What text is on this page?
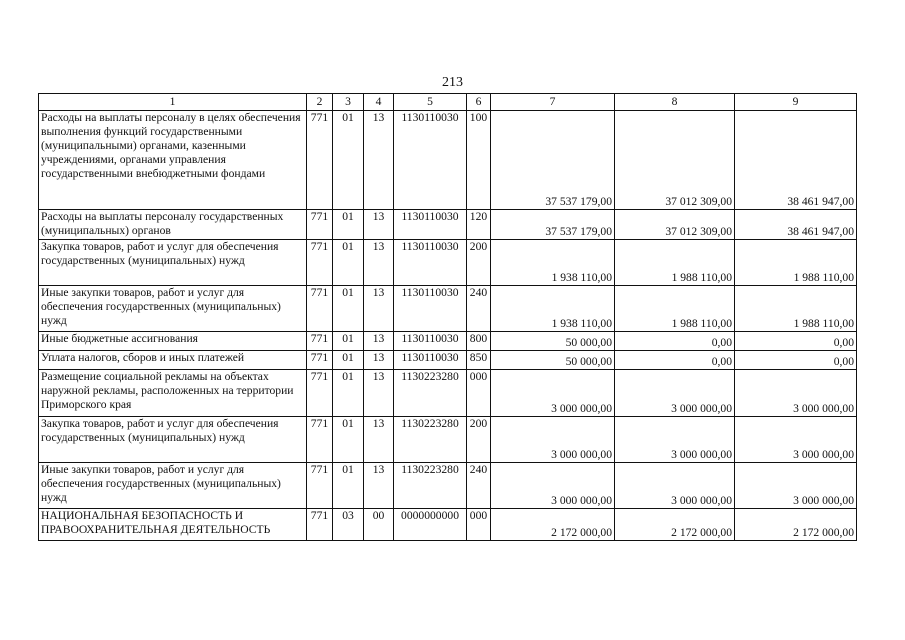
213
1	2	3	4	5	6	7	8	9
Расходы на выплаты персоналу в целях обеспечения выполнения функций государственными (муниципальными) органами, казенными учреждениями, органами управления государственными внебюджетными фондами	771	01	13	1130110030	100	37 537 179,00	37 012 309,00	38 461 947,00
Расходы на выплаты персоналу государственных (муниципальных) органов	771	01	13	1130110030	120	37 537 179,00	37 012 309,00	38 461 947,00
Закупка товаров, работ и услуг для обеспечения государственных (муниципальных) нужд	771	01	13	1130110030	200	1 938 110,00	1 988 110,00	1 988 110,00
Иные закупки товаров, работ и услуг для обеспечения государственных (муниципальных) нужд	771	01	13	1130110030	240	1 938 110,00	1 988 110,00	1 988 110,00
Иные бюджетные ассигнования	771	01	13	1130110030	800	50 000,00	0,00	0,00
Уплата налогов, сборов и иных платежей	771	01	13	1130110030	850	50 000,00	0,00	0,00
Размещение социальной рекламы на объектах наружной рекламы, расположенных на территории Приморского края	771	01	13	1130223280	000	3 000 000,00	3 000 000,00	3 000 000,00
Закупка товаров, работ и услуг для обеспечения государственных (муниципальных) нужд	771	01	13	1130223280	200	3 000 000,00	3 000 000,00	3 000 000,00
Иные закупки товаров, работ и услуг для обеспечения государственных (муниципальных) нужд	771	01	13	1130223280	240	3 000 000,00	3 000 000,00	3 000 000,00
НАЦИОНАЛЬНАЯ БЕЗОПАСНОСТЬ И ПРАВООХРАНИТЕЛЬНАЯ ДЕЯТЕЛЬНОСТЬ	771	03	00	0000000000	000	2 172 000,00	2 172 000,00	2 172 000,00
